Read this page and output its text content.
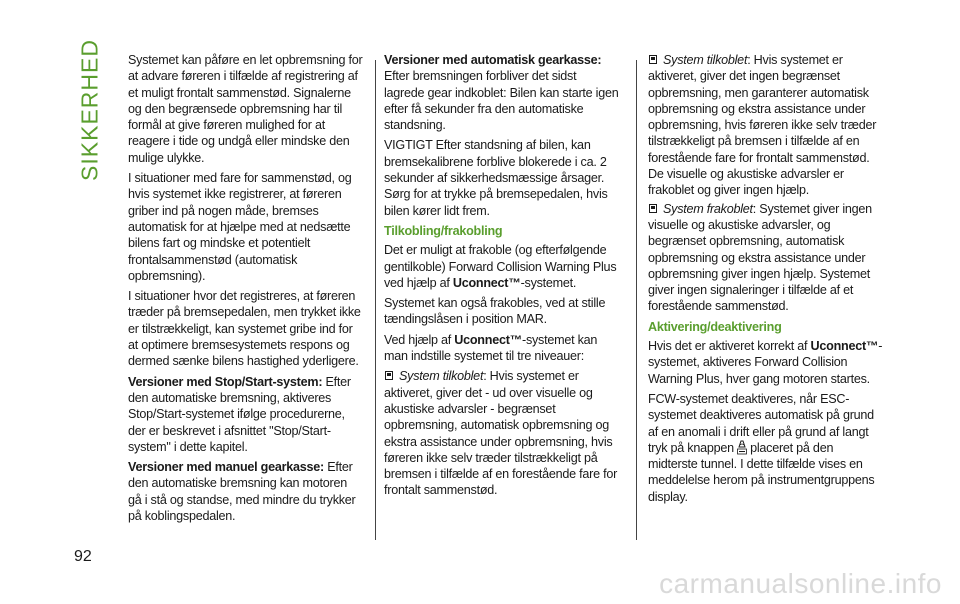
SIKKERHED
92

Systemet kan påføre en let opbremsning for at advare føreren i tilfælde af registrering af et muligt frontalt sammenstød. Signalerne og den begrænsede opbremsning har til formål at give føreren mulighed for at reagere i tide og undgå eller mindske den mulige ulykke.

I situationer med fare for sammenstød, og hvis systemet ikke registrerer, at føreren griber ind på nogen måde, bremses automatisk for at hjælpe med at nedsætte bilens fart og mindske et potentielt frontalsammenstød (automatisk opbremsning).

I situationer hvor det registreres, at føreren træder på bremsepedalen, men trykket ikke er tilstrækkeligt, kan systemet gribe ind for at optimere bremsesystemets respons og dermed sænke bilens hastighed yderligere.

Versioner med Stop/Start-system: Efter den automatiske bremsning, aktiveres Stop/Start-systemet ifølge procedurerne, der er beskrevet i afsnittet "Stop/Start-system" i dette kapitel.

Versioner med manuel gearkasse: Efter den automatiske bremsning kan motoren gå i stå og standse, med mindre du trykker på koblingspedalen.

Versioner med automatisk gearkasse: Efter bremsningen forbliver det sidst lagrede gear indkoblet: Bilen kan starte igen efter få sekunder fra den automatiske standsning.

VIGTIGT Efter standsning af bilen, kan bremsekalibrene forblive blokerede i ca. 2 sekunder af sikkerhedsmæssige årsager. Sørg for at trykke på bremsepedalen, hvis bilen kører lidt frem.

Tilkobling/frakobling

Det er muligt at frakoble (og efterfølgende gentilkoble) Forward Collision Warning Plus ved hjælp af Uconnect™-systemet.

Systemet kan også frakobles, ved at stille tændingslåsen i position MAR.

Ved hjælp af Uconnect™-systemet kan man indstille systemet til tre niveauer:

System tilkoblet: Hvis systemet er aktiveret, giver det - ud over visuelle og akustiske advarsler - begrænset opbremsning, automatisk opbremsning og ekstra assistance under opbremsning, hvis føreren ikke selv træder tilstrækkeligt på bremsen i tilfælde af en forestående fare for frontalt sammenstød.

System tilkoblet: Hvis systemet er aktiveret, giver det ingen begrænset opbremsning, men garanterer automatisk opbremsning og ekstra assistance under opbremsning, hvis føreren ikke selv træder tilstrækkeligt på bremsen i tilfælde af en forestående fare for frontalt sammenstød. De visuelle og akustiske advarsler er frakoblet og giver ingen hjælp.

System frakoblet: Systemet giver ingen visuelle og akustiske advarsler, og begrænset opbremsning, automatisk opbremsning og ekstra assistance under opbremsning giver ingen hjælp. Systemet giver ingen signaleringer i tilfælde af et forestående sammenstød.

Aktivering/deaktivering

Hvis det er aktiveret korrekt af Uconnect™-systemet, aktiveres Forward Collision Warning Plus, hver gang motoren startes.

FCW-systemet deaktiveres, når ESC-systemet deaktiveres automatisk på grund af en anomali i drift eller på grund af langt tryk på knappen placeret på den midterste tunnel. I dette tilfælde vises en meddelelse herom på instrumentgruppens display.

carmanualsonline.info
